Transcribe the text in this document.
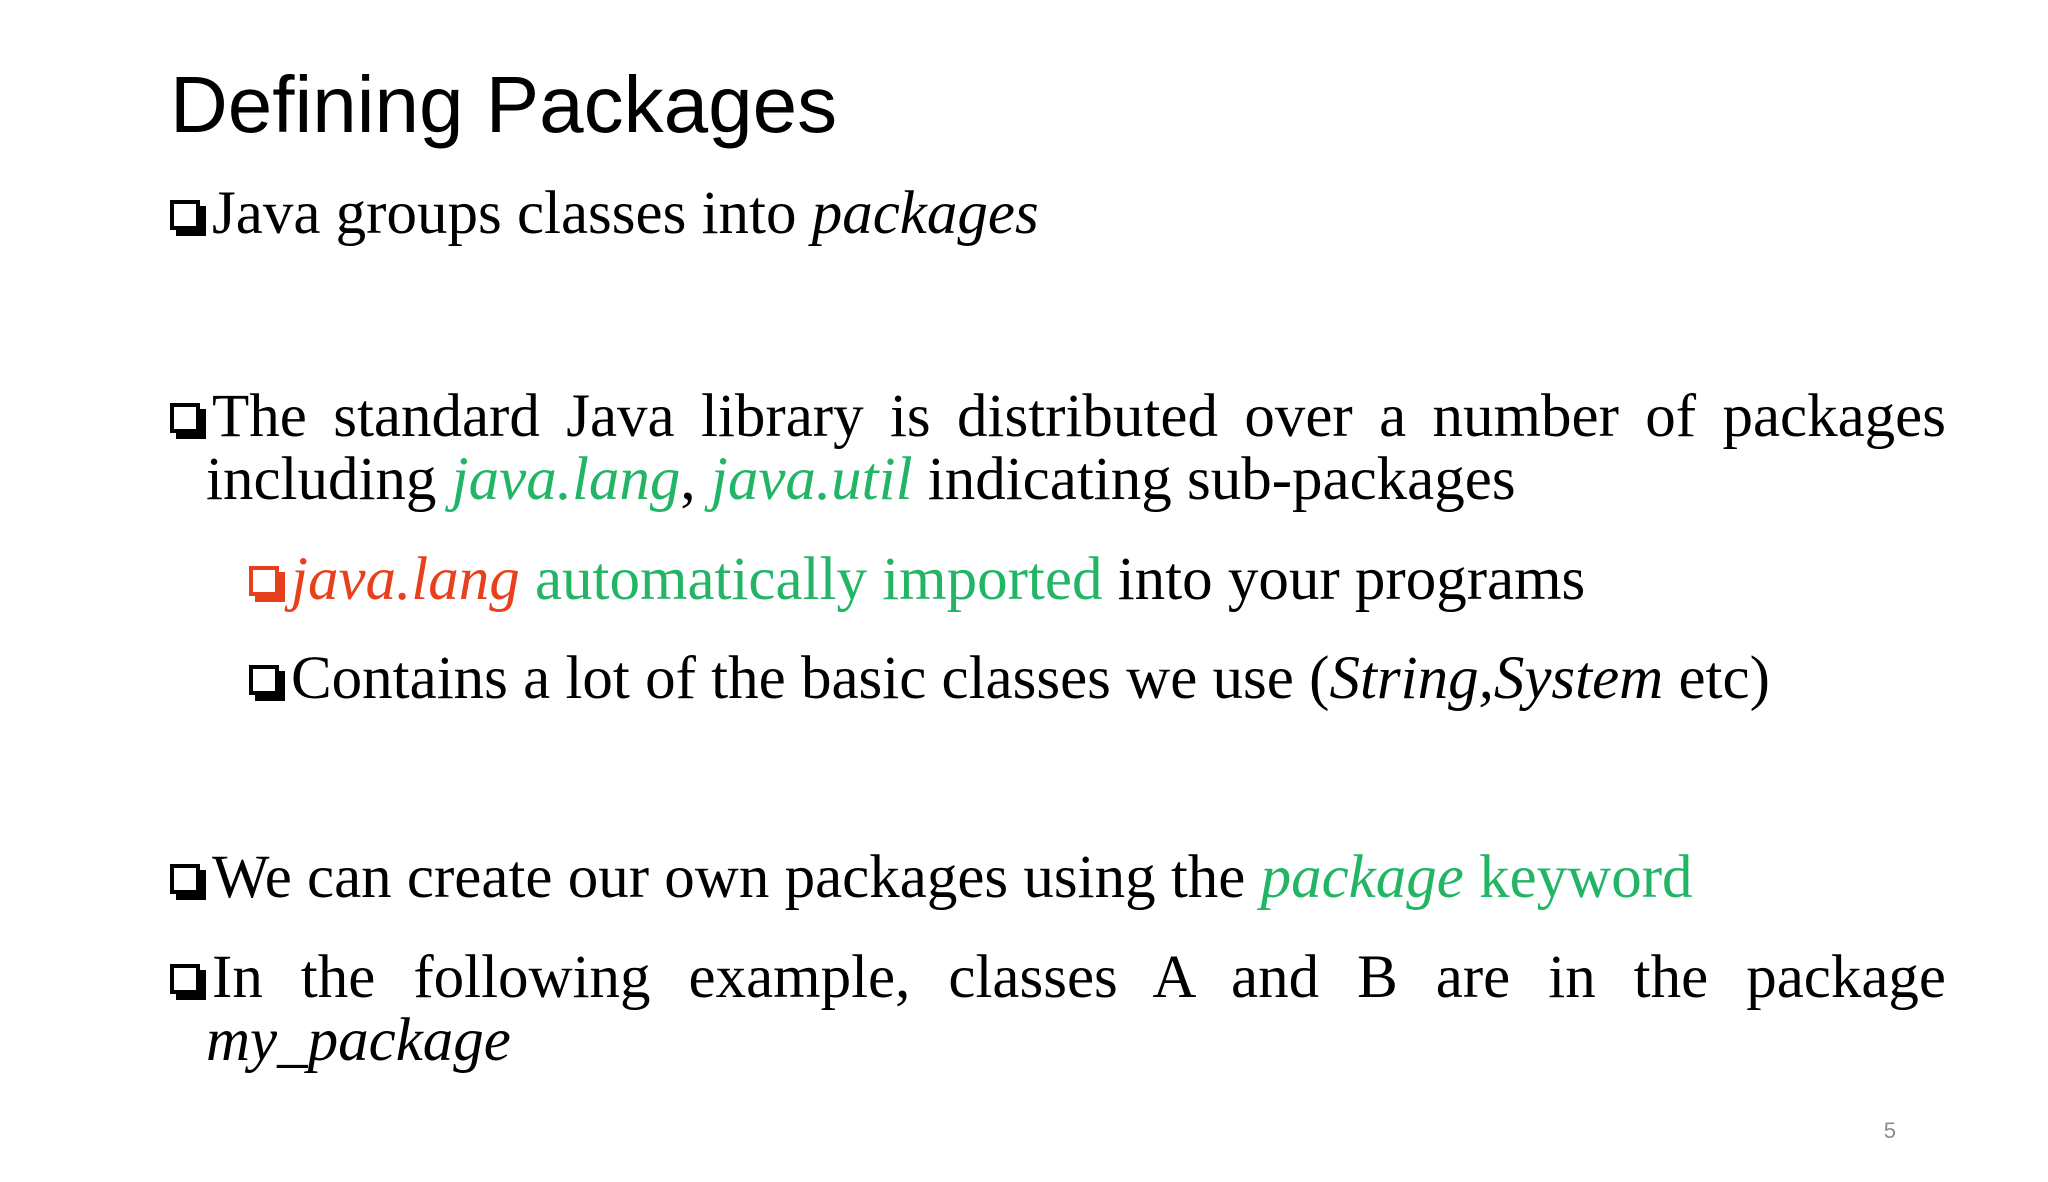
Defining Packages

Java groups classes into packages

The standard Java library is distributed over a number of packages including java.lang, java.util indicating sub-packages

java.lang automatically imported into your programs

Contains a lot of the basic classes we use (String,System etc)

We can create our own packages using the package keyword

In the following example, classes A and B are in the package my_package

5
